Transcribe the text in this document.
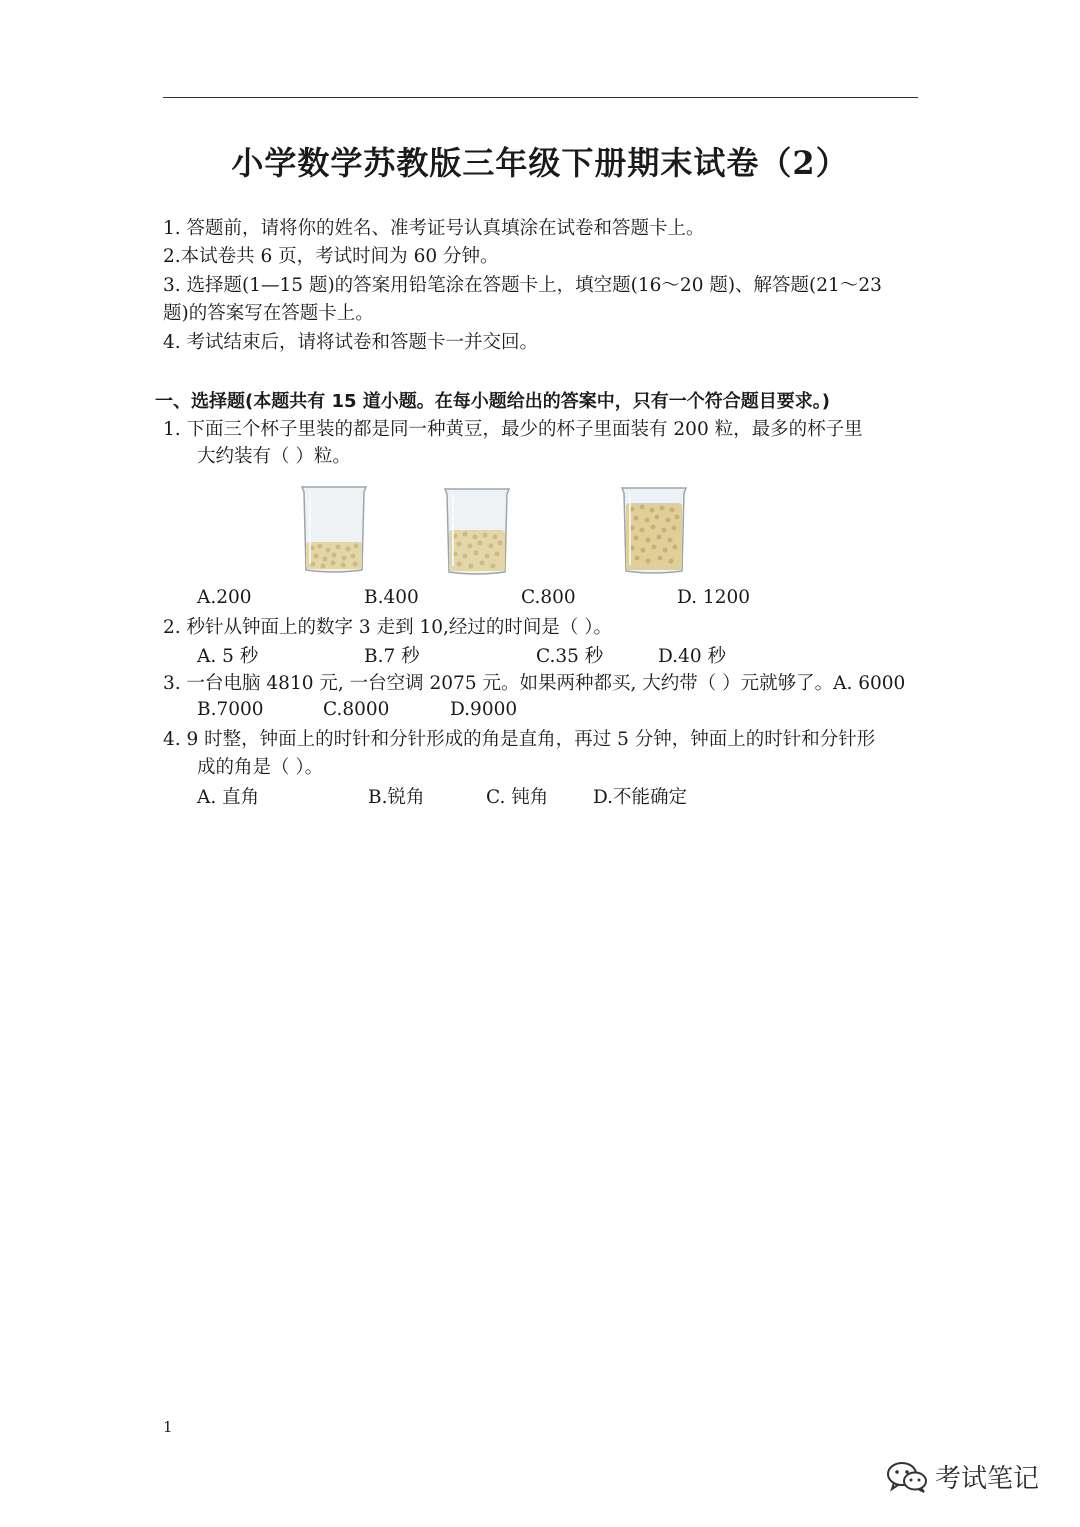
小学数学苏教版三年级下册期末试卷（2）
1. 答题前，请将你的姓名、准考证号认真填涂在试卷和答题卡上。
2.本试卷共 6 页，考试时间为 60 分钟。
3. 选择题(1—15 题)的答案用铅笔涂在答题卡上，填空题(16～20 题)、解答题(21～23
题)的答案写在答题卡上。
4. 考试结束后，请将试卷和答题卡一并交回。
一、选择题(本题共有 15 道小题。在每小题给出的答案中，只有一个符合题目要求。)
1. 下面三个杯子里装的都是同一种黄豆，最少的杯子里面装有 200 粒，最多的杯子里
大约装有（ ）粒。
A.200	B.400	C.800	D. 1200
2. 秒针从钟面上的数字 3 走到 10,经过的时间是（ ）。
A. 5 秒	B.7 秒	C.35 秒	D.40 秒
3. 一台电脑 4810 元, 一台空调 2075 元。如果两种都买, 大约带（ ）元就够了。A. 6000
B.7000	C.8000	D.9000
4. 9 时整，钟面上的时针和分针形成的角是直角，再过 5 分钟，钟面上的时针和分针形
成的角是（ ）。
A. 直角	B.锐角	C. 钝角 D.不能确定
1
考试笔记
